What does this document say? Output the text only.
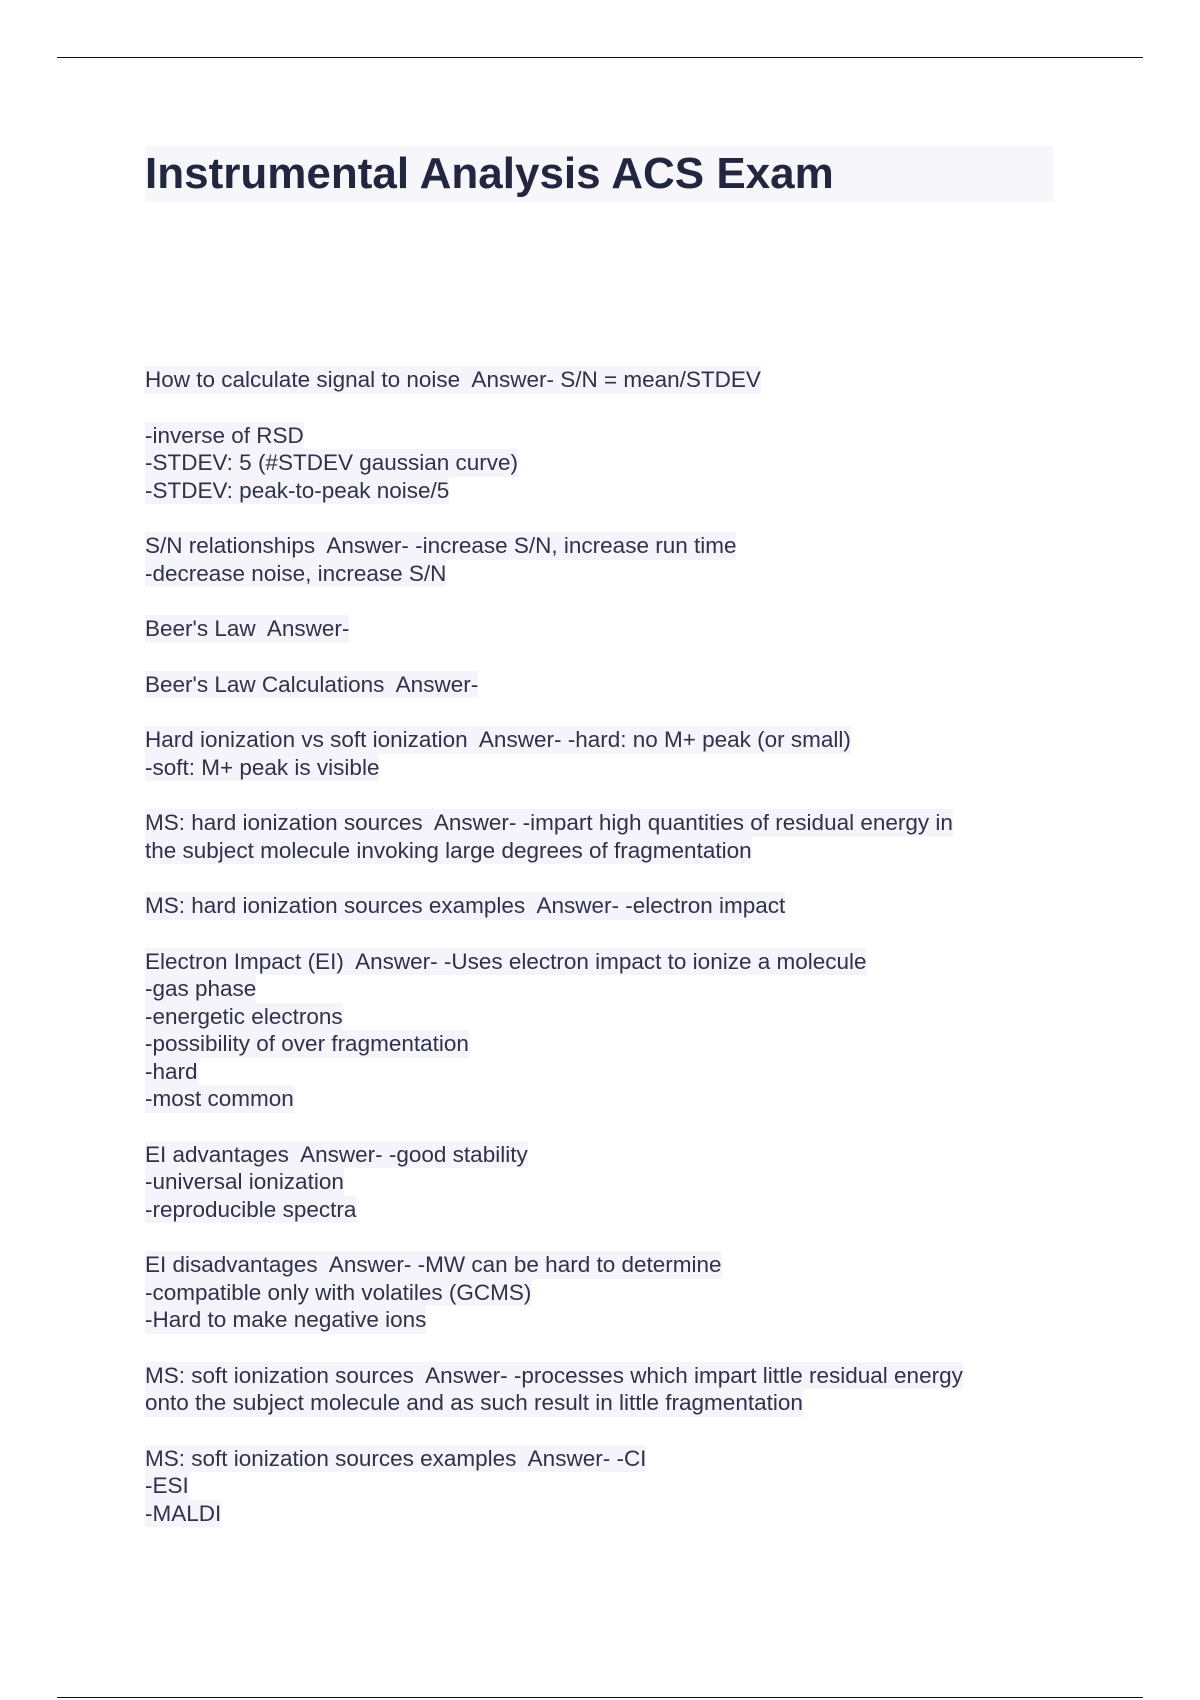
Instrumental Analysis ACS Exam
How to calculate signal to noise  Answer- S/N = mean/STDEV
-inverse of RSD
-STDEV: 5 (#STDEV gaussian curve)
-STDEV: peak-to-peak noise/5
S/N relationships  Answer- -increase S/N, increase run time
-decrease noise, increase S/N
Beer's Law  Answer-
Beer's Law Calculations  Answer-
Hard ionization vs soft ionization  Answer- -hard: no M+ peak (or small)
-soft: M+ peak is visible
MS: hard ionization sources  Answer- -impart high quantities of residual energy in
the subject molecule invoking large degrees of fragmentation
MS: hard ionization sources examples  Answer- -electron impact
Electron Impact (EI)  Answer- -Uses electron impact to ionize a molecule
-gas phase
-energetic electrons
-possibility of over fragmentation
-hard
-most common
EI advantages  Answer- -good stability
-universal ionization
-reproducible spectra
EI disadvantages  Answer- -MW can be hard to determine
-compatible only with volatiles (GCMS)
-Hard to make negative ions
MS: soft ionization sources  Answer- -processes which impart little residual energy
onto the subject molecule and as such result in little fragmentation
MS: soft ionization sources examples  Answer- -CI
-ESI
-MALDI
